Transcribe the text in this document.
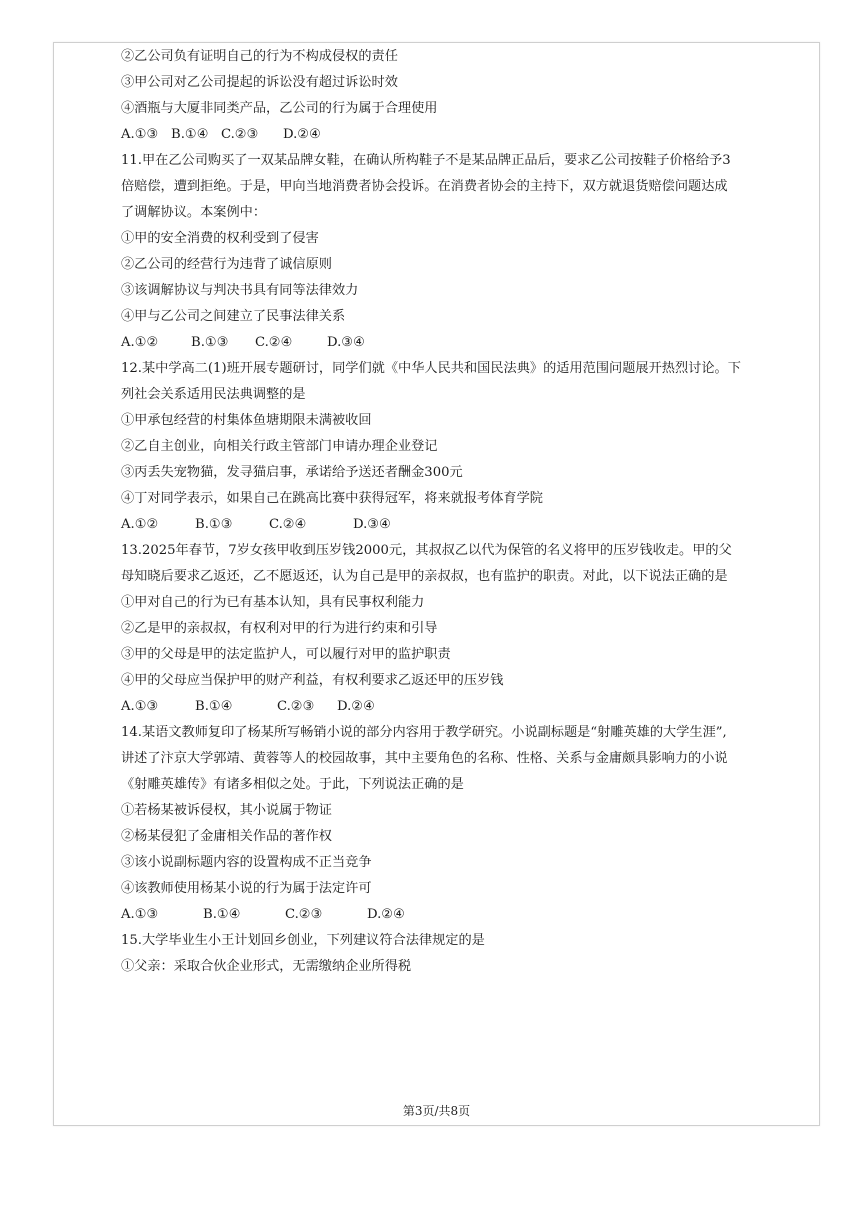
②乙公司负有证明自己的行为不构成侵权的责任
③甲公司对乙公司提起的诉讼没有超过诉讼时效
④酒瓶与大厦非同类产品，乙公司的行为属于合理使用
A.①③ B.①④ C.②③ D.②④
11.甲在乙公司购买了一双某品牌女鞋，在确认所构鞋子不是某品牌正品后，要求乙公司按鞋子价格给予3
倍赔偿，遭到拒绝。于是，甲向当地消费者协会投诉。在消费者协会的主持下，双方就退货赔偿问题达成
了调解协议。本案例中：
①甲的安全消费的权利受到了侵害
②乙公司的经营行为违背了诚信原则
③该调解协议与判决书具有同等法律效力
④甲与乙公司之间建立了民事法律关系
A.①② B.①③ C.②④	D.③④
12.某中学高二(1)班开展专题研讨，同学们就《中华人民共和国民法典》的适用范围问题展开热烈讨论。下
列社会关系适用民法典调整的是
①甲承包经营的村集体鱼塘期限未满被收回
②乙自主创业，向相关行政主管部门申请办理企业登记
③丙丢失宠物猫，发寻猫启事，承诺给予送还者酬金300元
④丁对同学表示，如果自己在跳高比赛中获得冠军，将来就报考体育学院
A.①②	B.①③	C.②④	D.③④
13.2025年春节，7岁女孩甲收到压岁钱2000元，其叔叔乙以代为保管的名义将甲的压岁钱收走。甲的父
母知晓后要求乙返还，乙不愿返还，认为自己是甲的亲叔叔，也有监护的职责。对此，以下说法正确的是
①甲对自己的行为已有基本认知，具有民事权利能力
②乙是甲的亲叔叔，有权利对甲的行为进行约束和引导
③甲的父母是甲的法定监护人，可以履行对甲的监护职责
④甲的父母应当保护甲的财产利益，有权利要求乙返还甲的压岁钱
A.①③	B.①④	C.②③ D.②④
14.某语文教师复印了杨某所写畅销小说的部分内容用于教学研究。小说副标题是“射雕英雄的大学生涯”,
讲述了汴京大学郭靖、黄蓉等人的校园故事，其中主要角色的名称、性格、关系与金庸颇具影响力的小说
《射雕英雄传》有诸多相似之处。于此，下列说法正确的是
①若杨某被诉侵权，其小说属于物证
②杨某侵犯了金庸相关作品的著作权
③该小说副标题内容的设置构成不正当竞争
④该教师使用杨某小说的行为属于法定许可
A.①③	B.①④	C.②③	D.②④
15.大学毕业生小王计划回乡创业，下列建议符合法律规定的是
①父亲：采取合伙企业形式，无需缴纳企业所得税
第3页/共8页
